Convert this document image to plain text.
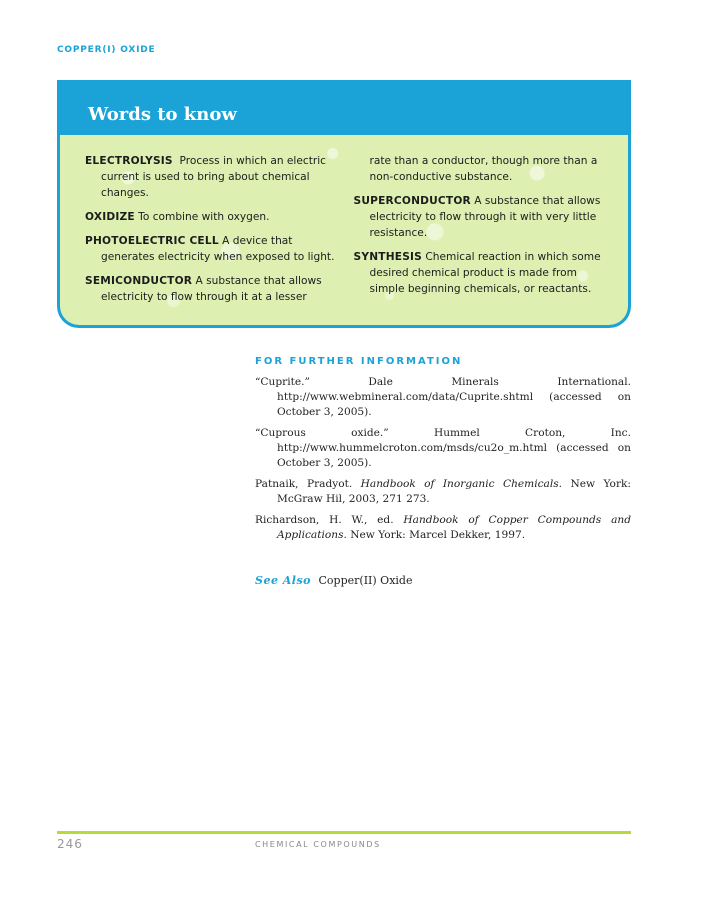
COPPER(I) OXIDE
Words to know

ELECTROLYSIS Process in which an electric current is used to bring about chemical changes.

OXIDIZE To combine with oxygen.

PHOTOELECTRIC CELL A device that generates electricity when exposed to light.

SEMICONDUCTOR A substance that allows electricity to flow through it at a lesser

rate than a conductor, though more than a non-conductive substance.

SUPERCONDUCTOR A substance that allows electricity to flow through it with very little resistance.

SYNTHESIS Chemical reaction in which some desired chemical product is made from simple beginning chemicals, or reactants.

FOR FURTHER INFORMATION

“Cuprite.” Dale Minerals International. http://www.webmineral.com/data/Cuprite.shtml (accessed on October 3, 2005).

“Cuprous oxide.” Hummel Croton, Inc. http://www.hummelcroton.com/msds/cu2o_m.html (accessed on October 3, 2005).

Patnaik, Pradyot. Handbook of Inorganic Chemicals. New York: McGraw Hil, 2003, 271 273.

Richardson, H. W., ed. Handbook of Copper Compounds and Applications. New York: Marcel Dekker, 1997.

See Also Copper(II) Oxide
246	CHEMICAL COMPOUNDS
